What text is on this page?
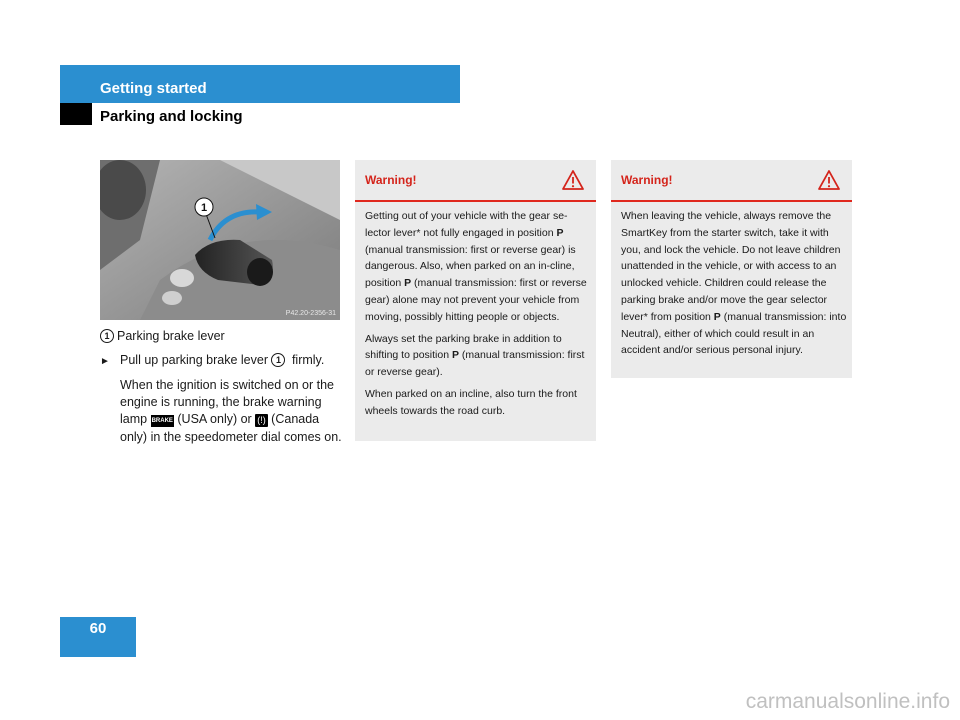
Getting started
Parking and locking
1
P42.20-2356-31
1 Parking brake lever
► Pull up parking brake lever 1 firmly.
When the ignition is switched on or the engine is running, the brake warning lamp BRAKE (USA only) or (!) (Canada only) in the speedometer dial comes on.
Warning!

Getting out of your vehicle with the gear se-lector lever* not fully engaged in position P (manual transmission: first or reverse gear) is dangerous. Also, when parked on an in-cline, position P (manual transmission: first or reverse gear) alone may not prevent your vehicle from moving, possibly hitting people or objects.

Always set the parking brake in addition to shifting to position P (manual transmission: first or reverse gear).

When parked on an incline, also turn the front wheels towards the road curb.

Warning!

When leaving the vehicle, always remove the SmartKey from the starter switch, take it with you, and lock the vehicle. Do not leave children unattended in the vehicle, or with access to an unlocked vehicle. Children could release the parking brake and/or move the gear selector lever* from position P (manual transmission: into Neutral), either of which could result in an accident and/or serious personal injury.

60
carmanualsonline.info
